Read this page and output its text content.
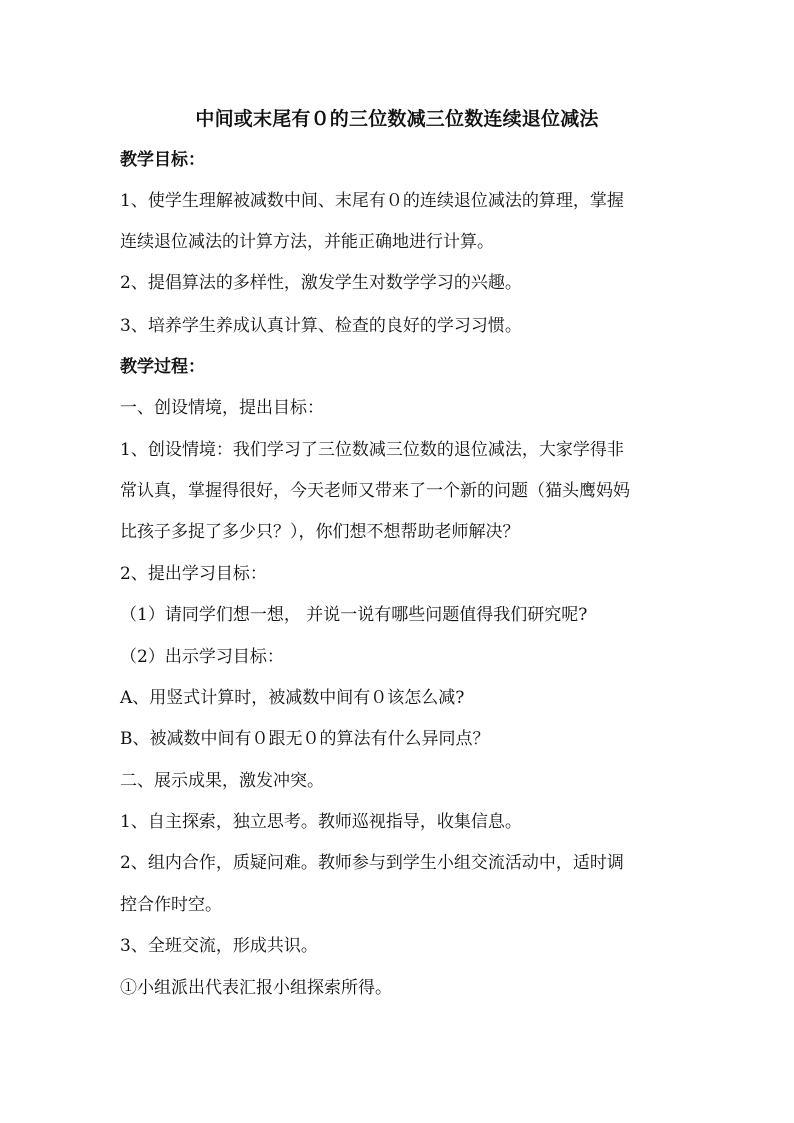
中间或末尾有０的三位数减三位数连续退位减法
教学目标：
1、使学生理解被减数中间、末尾有０的连续退位减法的算理，掌握
连续退位减法的计算方法，并能正确地进行计算。
2、提倡算法的多样性，激发学生对数学学习的兴趣。
3、培养学生养成认真计算、检查的良好的学习习惯。
教学过程：
一、创设情境，提出目标：
1、创设情境：我们学习了三位数减三位数的退位减法，大家学得非
常认真，掌握得很好，今天老师又带来了一个新的问题（猫头鹰妈妈
比孩子多捉了多少只？），你们想不想帮助老师解决？
2、提出学习目标：
（1）请同学们想一想， 并说一说有哪些问题值得我们研究呢?
（2）出示学习目标：
A、用竖式计算时，被减数中间有０该怎么减?
B、被减数中间有０跟无０的算法有什么异同点？
二、展示成果，激发冲突。
1、自主探索，独立思考。教师巡视指导，收集信息。
2、组内合作，质疑问难。教师参与到学生小组交流活动中，适时调
控合作时空。
3、全班交流，形成共识。
①小组派出代表汇报小组探索所得。
